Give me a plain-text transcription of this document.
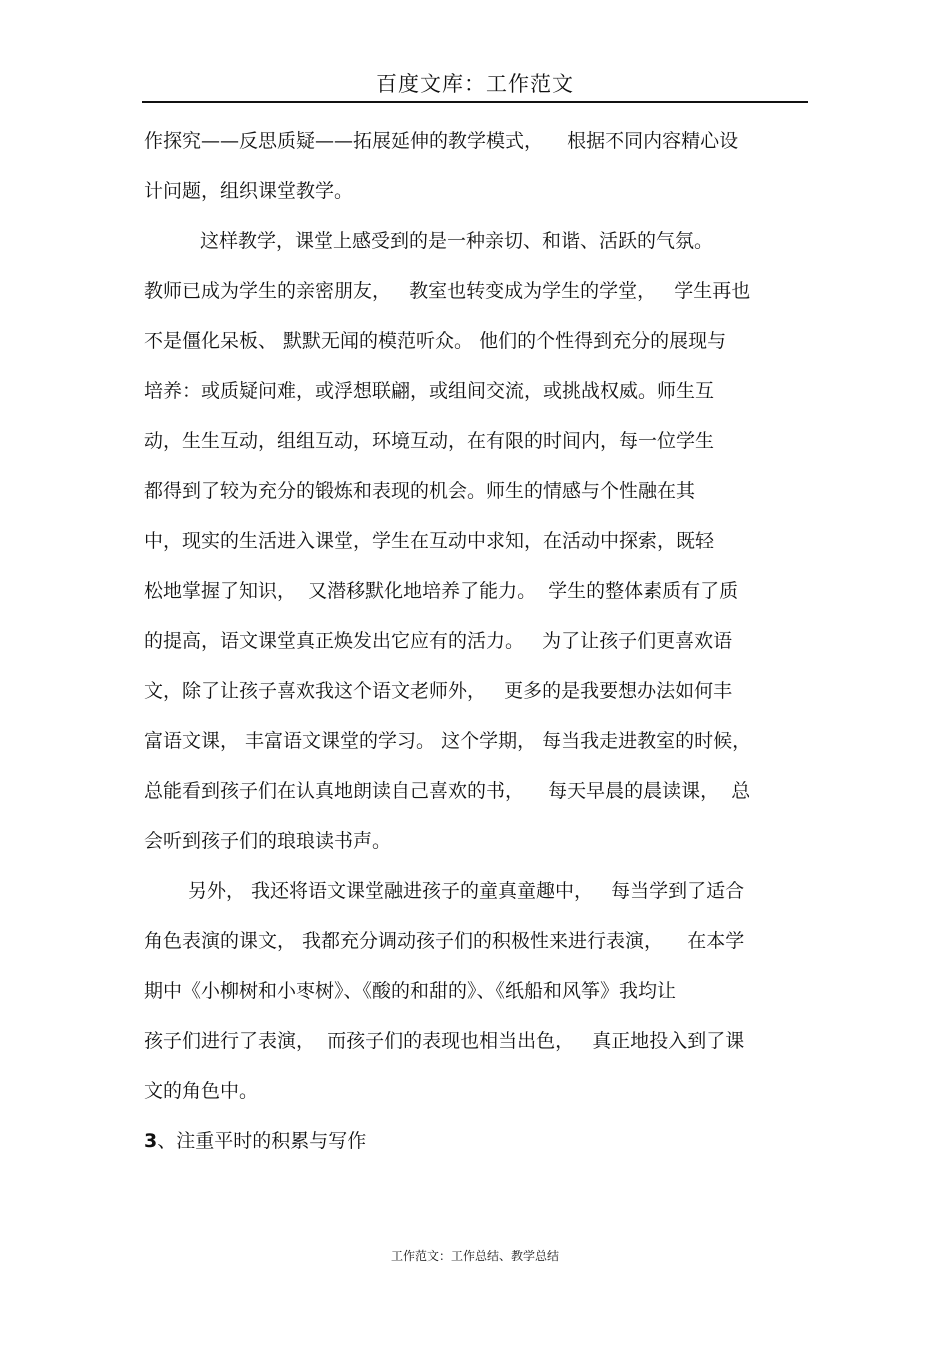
百度文库：工作范文
作探究——反思质疑——拓展延伸的教学模式，    根据不同内容精心设
计问题，组织课堂教学。
这样教学，课堂上感受到的是一种亲切、和谐、活跃的气氛。
教师已成为学生的亲密朋友，   教室也转变成为学生的学堂，   学生再也
不是僵化呆板、 默默无闻的模范听众。 他们的个性得到充分的展现与
培养：或质疑问难，或浮想联翩，或组间交流，或挑战权威。师生互
动，生生互动，组组互动，环境互动，在有限的时间内，每一位学生
都得到了较为充分的锻炼和表现的机会。师生的情感与个性融在其
中，现实的生活进入课堂，学生在互动中求知，在活动中探索，既轻
松地掌握了知识，  又潜移默化地培养了能力。  学生的整体素质有了质
的提高，语文课堂真正焕发出它应有的活力。   为了让孩子们更喜欢语
文，除了让孩子喜欢我这个语文老师外，   更多的是我要想办法如何丰
富语文课， 丰富语文课堂的学习。 这个学期， 每当我走进教室的时候，
总能看到孩子们在认真地朗读自己喜欢的书，    每天早晨的晨读课，  总
会听到孩子们的琅琅读书声。
另外， 我还将语文课堂融进孩子的童真童趣中，   每当学到了适合
角色表演的课文， 我都充分调动孩子们的积极性来进行表演，    在本学
期中《小柳树和小枣树》、《酸的和甜的》、《纸船和风筝》我均让
孩子们进行了表演，  而孩子们的表现也相当出色，   真正地投入到了课
文的角色中。
3、注重平时的积累与写作
工作范文：工作总结、教学总结
